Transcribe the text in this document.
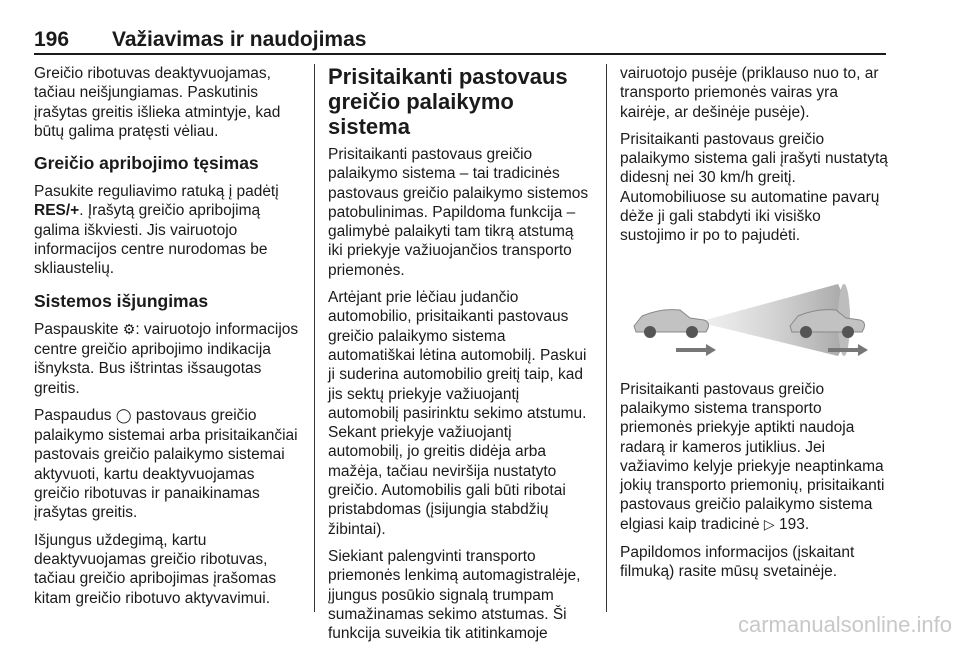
196 Važiavimas ir naudojimas

Greičio ribotuvas deaktyvuojamas, tačiau neišjungiamas. Paskutinis įrašytas greitis išlieka atmintyje, kad būtų galima pratęsti vėliau.

Greičio apribojimo tęsimas

Pasukite reguliavimo ratuką į padėtį RES/+. Įrašytą greičio apribojimą galima iškviesti. Jis vairuotojo informacijos centre nurodomas be skliaustelių.

Sistemos išjungimas

Paspauskite ⚙: vairuotojo informacijos centre greičio apribojimo indikacija išnyksta. Bus ištrintas išsaugotas greitis.

Paspaudus ◯ pastovaus greičio palaikymo sistemai arba prisitaikančiai pastovais greičio palaikymo sistemai aktyvuoti, kartu deaktyvuojamas greičio ribotuvas ir panaikinamas įrašytas greitis.

Išjungus uždegimą, kartu deaktyvuojamas greičio ribotuvas, tačiau greičio apribojimas įrašomas kitam greičio ribotuvo aktyvavimui.

Prisitaikanti pastovaus greičio palaikymo sistema

Prisitaikanti pastovaus greičio palaikymo sistema – tai tradicinės pastovaus greičio palaikymo sistemos patobulinimas. Papildoma funkcija – galimybė palaikyti tam tikrą atstumą iki priekyje važiuojančios transporto priemonės.

Artėjant prie lėčiau judančio automobilio, prisitaikanti pastovaus greičio palaikymo sistema automatiškai lėtina automobilį. Paskui ji suderina automobilio greitį taip, kad jis sektų priekyje važiuojantį automobilį pasirinktu sekimo atstumu. Sekant priekyje važiuojantį automobilį, jo greitis didėja arba mažėja, tačiau neviršija nustatyto greičio. Automobilis gali būti ribotai pristabdomas (įsijungia stabdžių žibintai).

Siekiant palengvinti transporto priemonės lenkimą automagistralėje, įjungus posūkio signalą trumpam sumažinamas sekimo atstumas. Ši funkcija suveikia tik atitinkamoje

vairuotojo pusėje (priklauso nuo to, ar transporto priemonės vairas yra kairėje, ar dešinėje pusėje).

Prisitaikanti pastovaus greičio palaikymo sistema gali įrašyti nustatytą didesnį nei 30 km/h greitį. Automobiliuose su automatine pavarų dėže ji gali stabdyti iki visiško sustojimo ir po to pajudėti.

Prisitaikanti pastovaus greičio palaikymo sistema transporto priemonės priekyje aptikti naudoja radarą ir kameros jutiklius. Jei važiavimo kelyje priekyje neaptinkama jokių transporto priemonių, prisitaikanti pastovaus greičio palaikymo sistema elgiasi kaip tradicinė ▷ 193.

Papildomos informacijos (įskaitant filmuką) rasite mūsų svetainėje.

carmanualsonline.info
